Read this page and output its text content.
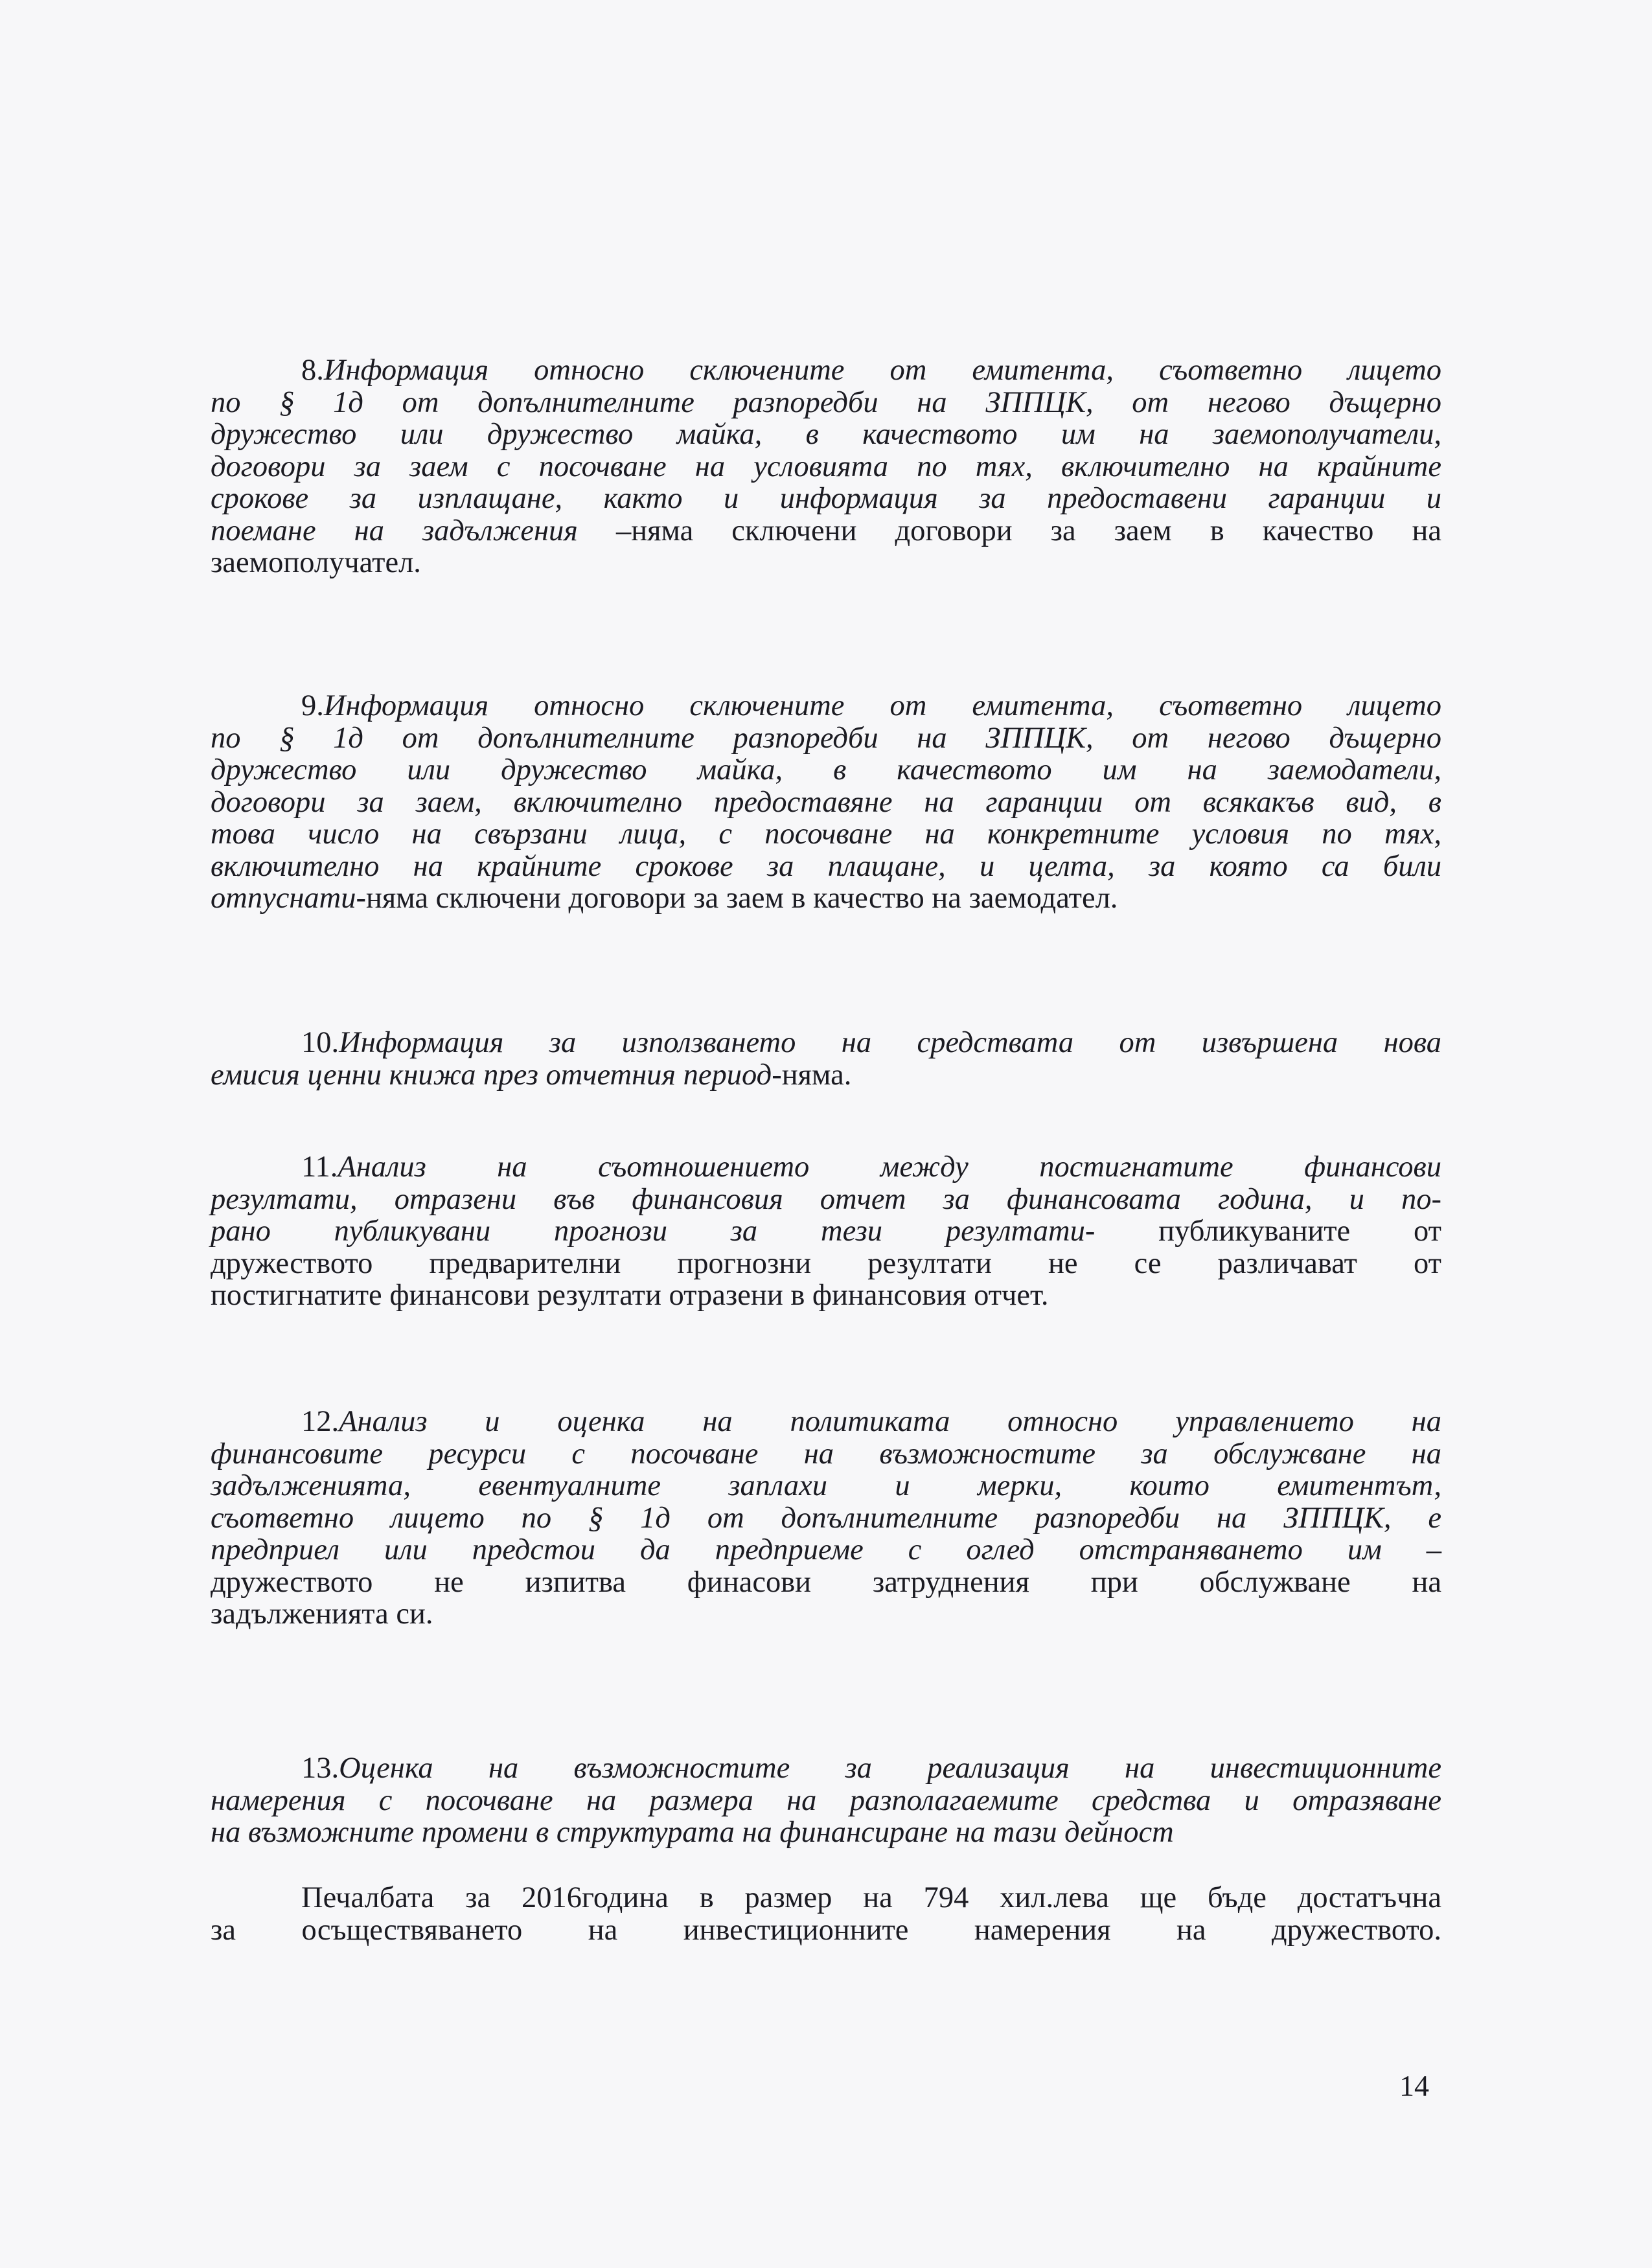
8.Информация относно сключените от емитента, съответно лицето
по § 1д от допълнителните разпоредби на ЗППЦК, от негово дъщерно
дружество или дружество майка, в качеството им на заемополучатели,
договори за заем с посочване на условията по тях, включително на крайните
срокове за изплащане, както и информация за предоставени гаранции и
поемане на задължения –няма сключени договори за заем в качество на
заемополучател.
9.Информация относно сключените от емитента, съответно лицето
по § 1д от допълнителните разпоредби на ЗППЦК, от негово дъщерно
дружество или дружество майка, в качеството им на заемодатели,
договори за заем, включително предоставяне на гаранции от всякакъв вид, в
това число на свързани лица, с посочване на конкретните условия по тях,
включително на крайните срокове за плащане, и целта, за която са били
отпуснати-няма сключени договори за заем в качество на заемодател.
10.Информация за използването на средствата от извършена нова
емисия ценни книжа през отчетния период-няма.
11.Анализ на съотношението между постигнатите финансови
резултати, отразени във финансовия отчет за финансовата година, и по-
рано публикувани прогнози за тези резултати- публикуваните от
дружеството предварителни прогнозни резултати не се различават от
постигнатите финансови резултати отразени в финансовия отчет.
12.Анализ и оценка на политиката относно управлението на
финансовите ресурси с посочване на възможностите за обслужване на
задълженията, евентуалните заплахи и мерки, които емитентът,
съответно лицето по § 1д от допълнителните разпоредби на ЗППЦК, е
предприел или предстои да предприеме с оглед отстраняването им –
дружеството не изпитва финасови затруднения при обслужване на
задълженията си.
13.Оценка на възможностите за реализация на инвестиционните
намерения с посочване на размера на разполагаемите средства и отразяване
на възможните промени в структурата на финансиране на тази дейност
Печалбата за 2016година в размер на 794 хил.лева ще бъде достатъчна
за осъществяването на инвестиционните намерения на дружеството.
14
